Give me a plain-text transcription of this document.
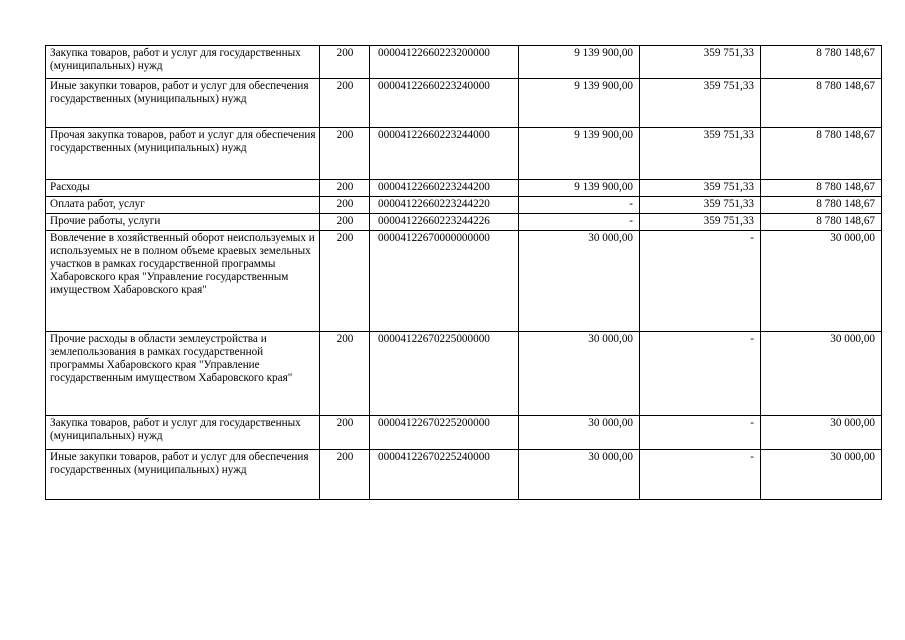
Закупка товаров, работ и услуг для государственных (муниципальных) нужд	200	00004122660223200000	9 139 900,00	359 751,33	8 780 148,67
Иные закупки товаров, работ и услуг для обеспечения государственных (муниципальных) нужд	200	00004122660223240000	9 139 900,00	359 751,33	8 780 148,67
Прочая закупка товаров, работ и услуг для обеспечения государственных (муниципальных) нужд	200	00004122660223244000	9 139 900,00	359 751,33	8 780 148,67
Расходы	200	00004122660223244200	9 139 900,00	359 751,33	8 780 148,67
Оплата работ, услуг	200	00004122660223244220	-	359 751,33	8 780 148,67
Прочие работы, услуги	200	00004122660223244226	-	359 751,33	8 780 148,67
Вовлечение в хозяйственный оборот неиспользуемых и используемых не в полном объеме краевых земельных участков в рамках государственной программы Хабаровского края "Управление государственным имуществом Хабаровского края"	200	00004122670000000000	30 000,00	-	30 000,00
Прочие расходы в области землеустройства и землепользования в рамках государственной программы Хабаровского края "Управление государственным имуществом Хабаровского края"	200	00004122670225000000	30 000,00	-	30 000,00
Закупка товаров, работ и услуг для государственных (муниципальных) нужд	200	00004122670225200000	30 000,00	-	30 000,00
Иные закупки товаров, работ и услуг для обеспечения государственных (муниципальных) нужд	200	00004122670225240000	30 000,00	-	30 000,00
